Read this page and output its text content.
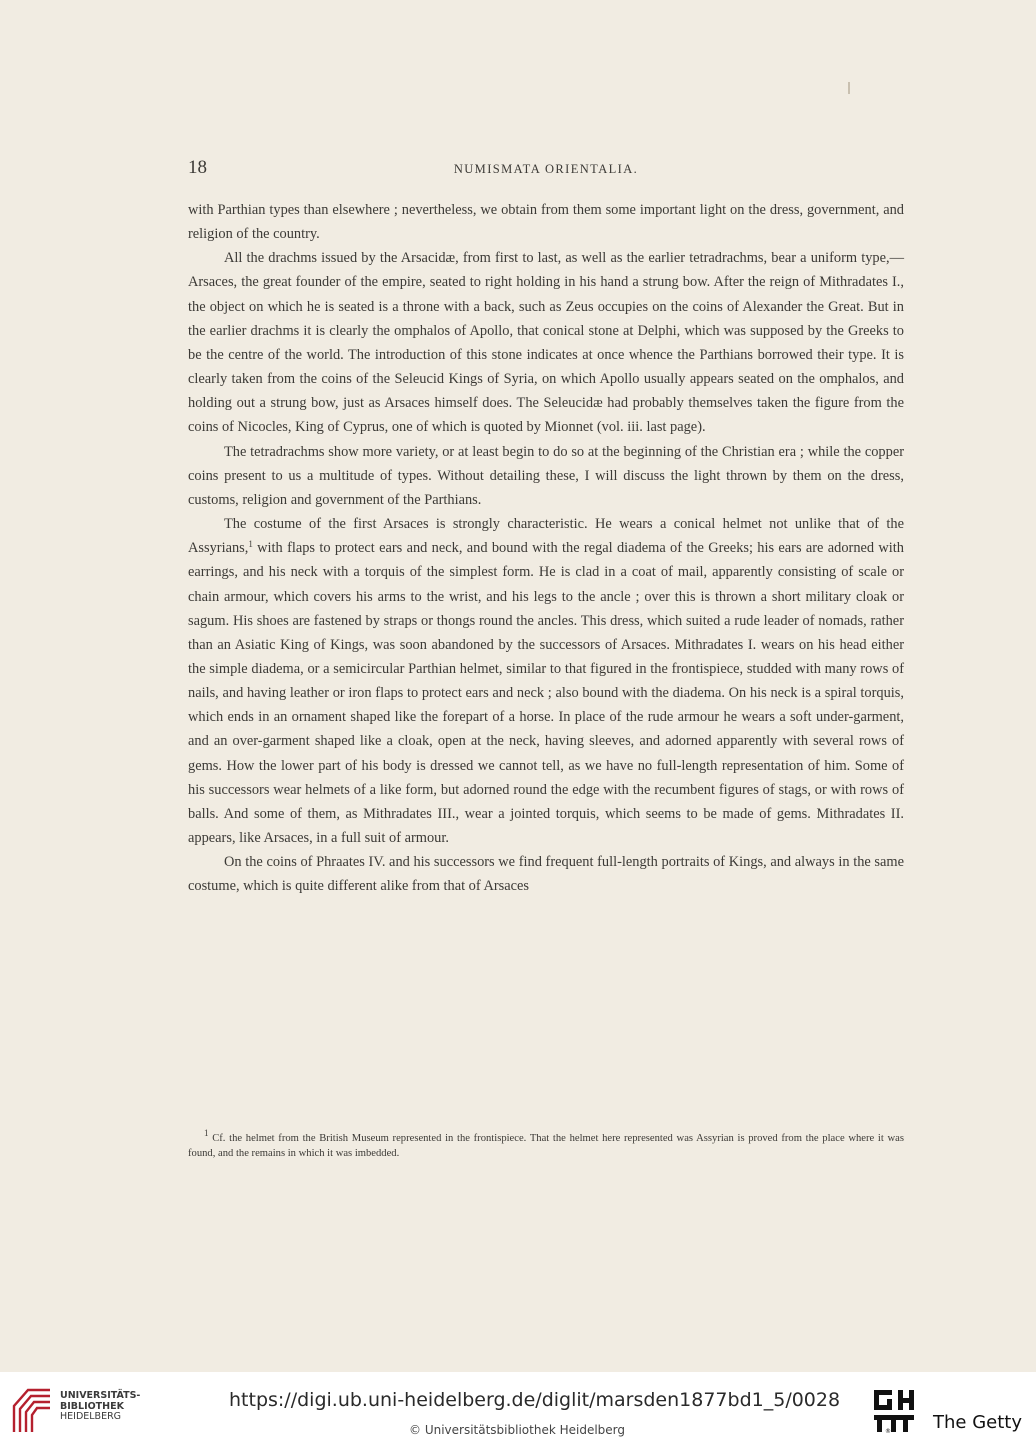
18	NUMISMATA ORIENTALIA.

with Parthian types than elsewhere ; nevertheless, we obtain from them some important light on the dress, government, and religion of the country.

All the drachms issued by the Arsacidæ, from first to last, as well as the earlier tetradrachms, bear a uniform type,—Arsaces, the great founder of the empire, seated to right holding in his hand a strung bow. After the reign of Mithradates I., the object on which he is seated is a throne with a back, such as Zeus occupies on the coins of Alexander the Great. But in the earlier drachms it is clearly the omphalos of Apollo, that conical stone at Delphi, which was supposed by the Greeks to be the centre of the world. The introduction of this stone indicates at once whence the Parthians borrowed their type. It is clearly taken from the coins of the Seleucid Kings of Syria, on which Apollo usually appears seated on the omphalos, and holding out a strung bow, just as Arsaces himself does. The Seleucidæ had probably themselves taken the figure from the coins of Nicocles, King of Cyprus, one of which is quoted by Mionnet (vol. iii. last page).

The tetradrachms show more variety, or at least begin to do so at the beginning of the Christian era ; while the copper coins present to us a multitude of types. Without detailing these, I will discuss the light thrown by them on the dress, customs, religion and government of the Parthians.

The costume of the first Arsaces is strongly characteristic. He wears a conical helmet not unlike that of the Assyrians,$^1$ with flaps to protect ears and neck, and bound with the regal diadema of the Greeks; his ears are adorned with earrings, and his neck with a torquis of the simplest form. He is clad in a coat of mail, apparently consisting of scale or chain armour, which covers his arms to the wrist, and his legs to the ancle ; over this is thrown a short military cloak or sagum. His shoes are fastened by straps or thongs round the ancles. This dress, which suited a rude leader of nomads, rather than an Asiatic King of Kings, was soon abandoned by the successors of Arsaces. Mithradates I. wears on his head either the simple diadema, or a semicircular Parthian helmet, similar to that figured in the frontispiece, studded with many rows of nails, and having leather or iron flaps to protect ears and neck ; also bound with the diadema. On his neck is a spiral torquis, which ends in an ornament shaped like the forepart of a horse. In place of the rude armour he wears a soft under-garment, and an over-garment shaped like a cloak, open at the neck, having sleeves, and adorned apparently with several rows of gems. How the lower part of his body is dressed we cannot tell, as we have no full-length representation of him. Some of his successors wear helmets of a like form, but adorned round the edge with the recumbent figures of stags, or with rows of balls. And some of them, as Mithradates III., wear a jointed torquis, which seems to be made of gems. Mithradates II. appears, like Arsaces, in a full suit of armour.

On the coins of Phraates IV. and his successors we find frequent full-length portraits of Kings, and always in the same costume, which is quite different alike from that of Arsaces

$^1$ Cf. the helmet from the British Museum represented in the frontispiece. That the helmet here represented was Assyrian is proved from the place where it was found, and the remains in which it was imbedded.
UNIVERSITÄTS-
BIBLIOTHEK
HEIDELBERG
https://digi.ub.uni-heidelberg.de/diglit/marsden1877bd1_5/0028
© Universitätsbibliothek Heidelberg	® The Getty
